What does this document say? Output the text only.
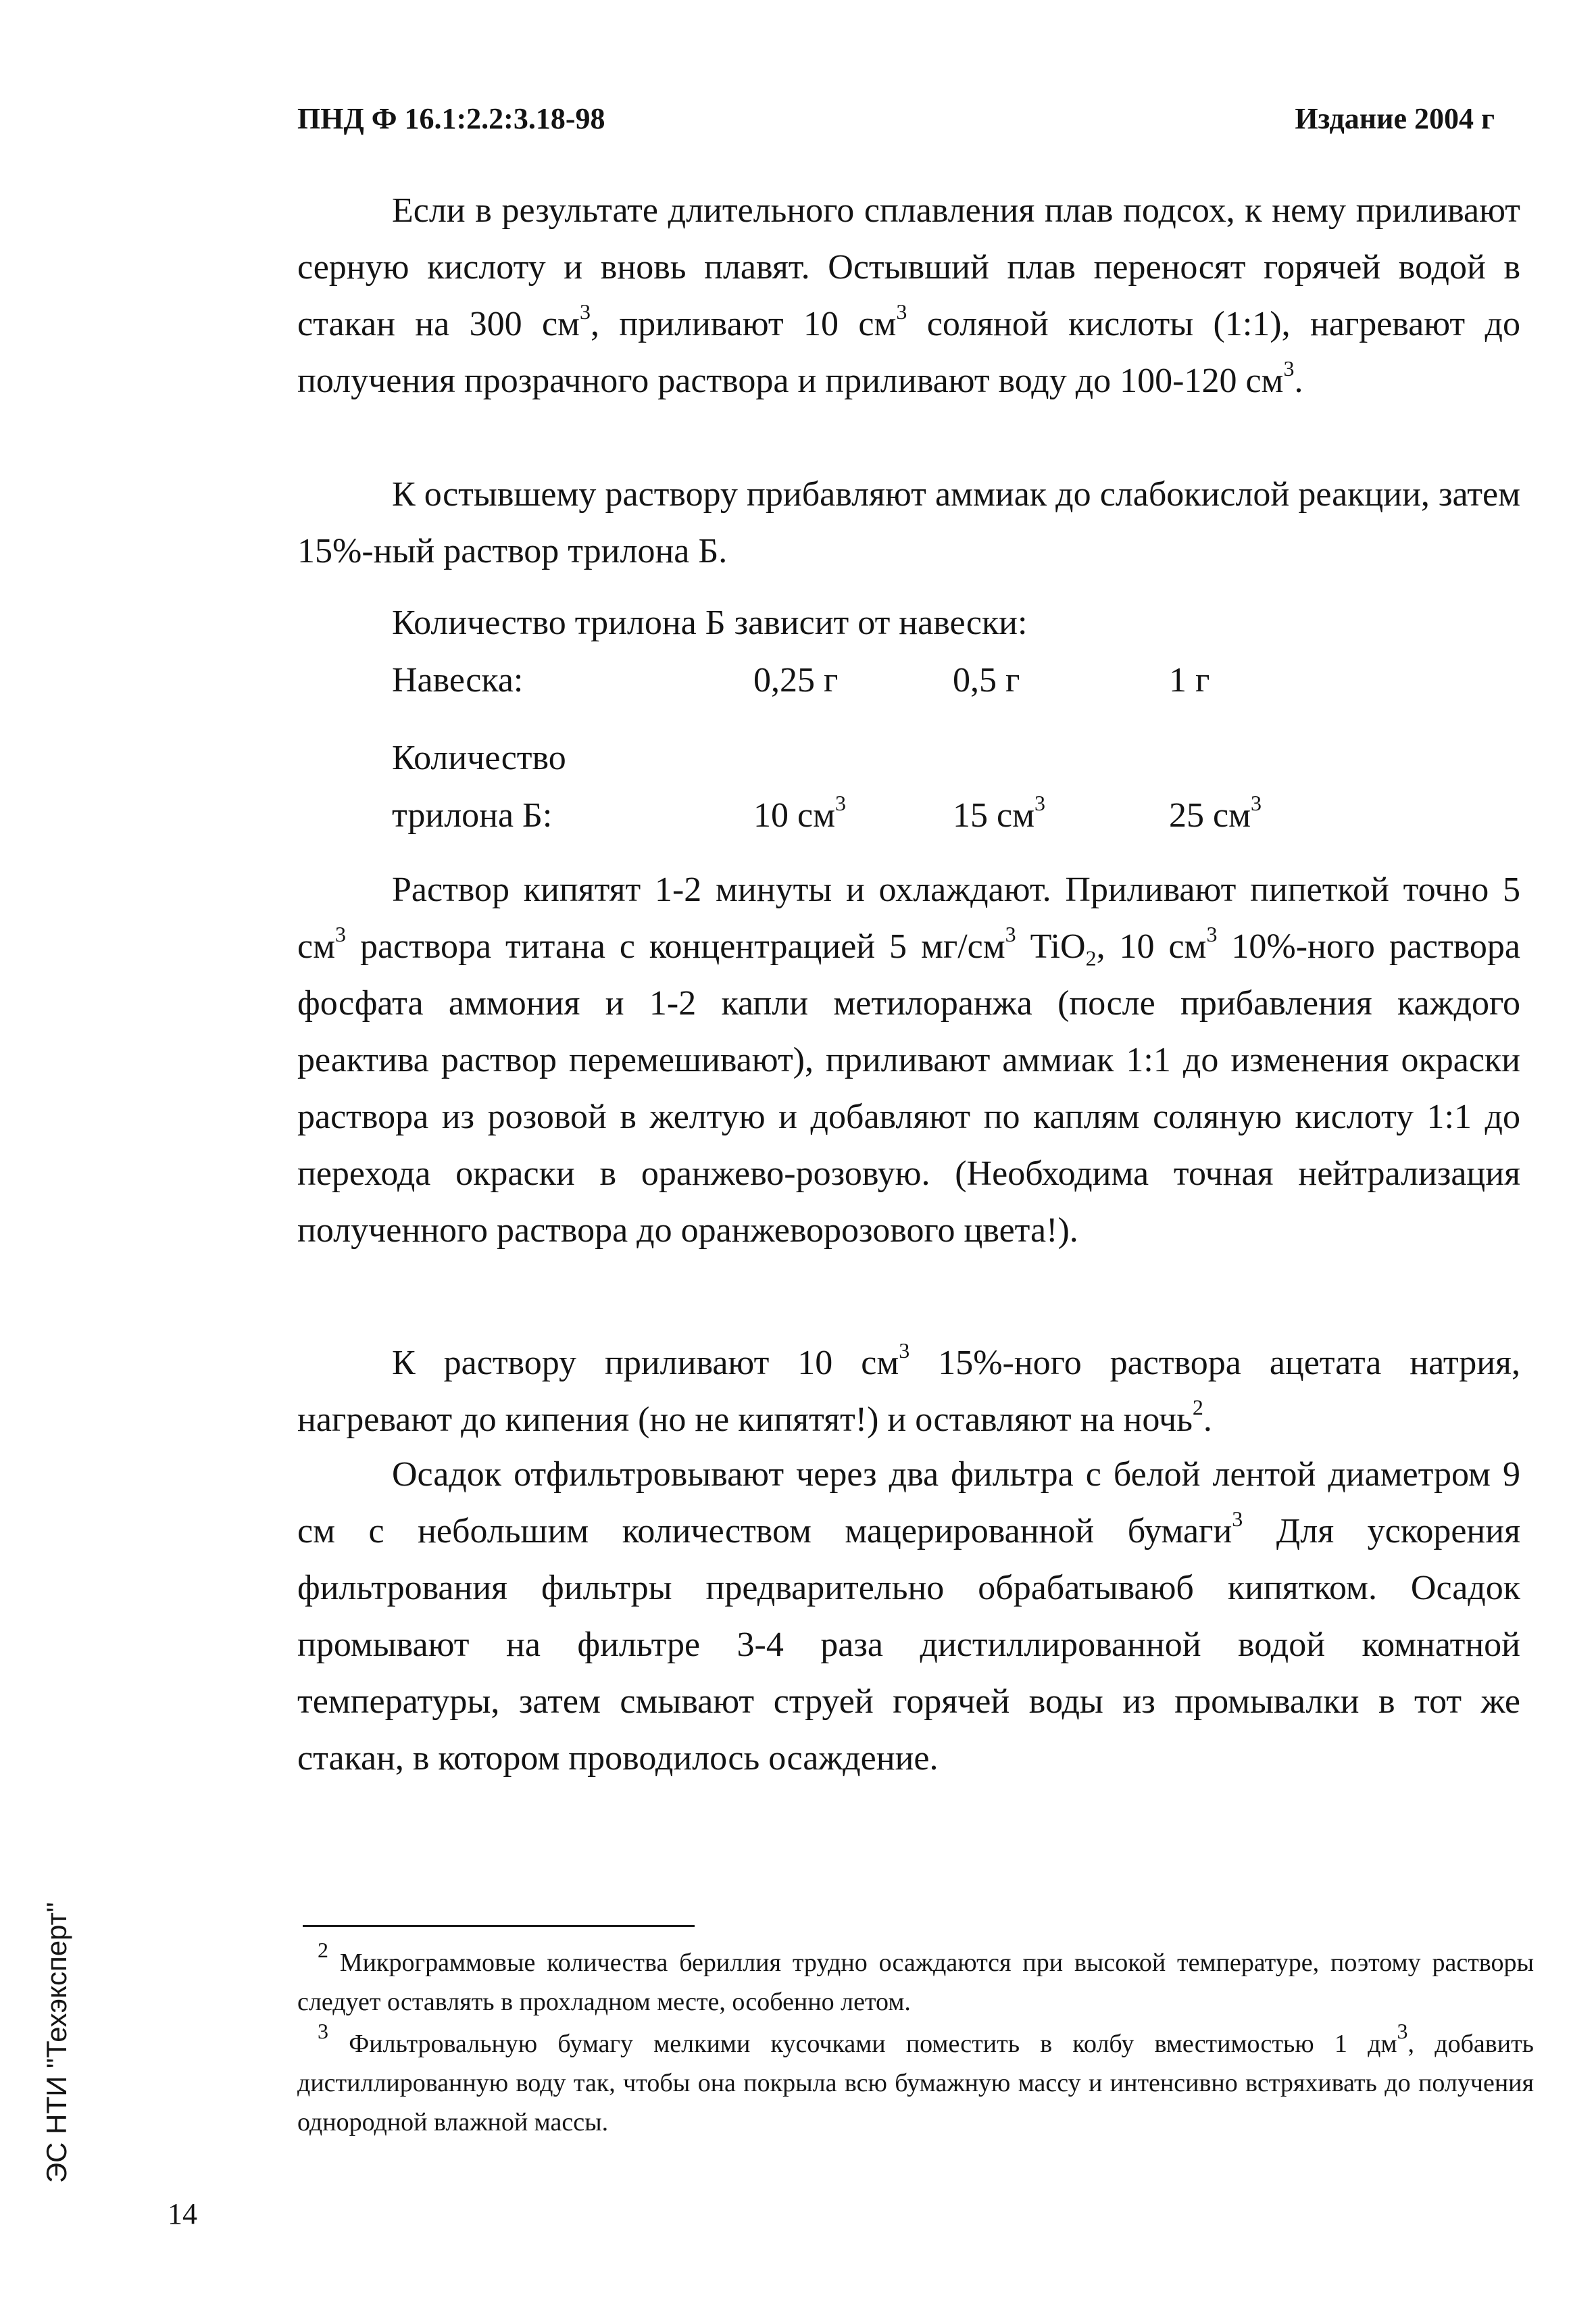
ПНД Ф 16.1:2.2:3.18-98	Издание 2004 г

Если в результате длительного сплавления плав подсох, к нему приливают серную кислоту и вновь плавят. Остывший плав переносят горячей водой в стакан на 300 $см^3$, приливают 10 $см^3$ соляной кислоты (1:1), нагревают до получения прозрачного раствора и приливают воду до 100-120 $см^3$.

К остывшему раствору прибавляют аммиак до слабокислой реакции, затем 15%-ный раствор трилона Б.

Количество трилона Б зависит от навески:
Навеска:	0,25 г	0,5 г	1 г
Количество
трилона Б:	10 $см^3$	15 $см^3$	25 $см^3$

Раствор кипятят 1-2 минуты и охлаждают. Приливают пипеткой точно 5 $см^3$ раствора титана с концентрацией 5 $мг/см^3$ TiO$_2$, 10 $см^3$ 10%-ного раствора фосфата аммония и 1-2 капли метилоранжа (после прибавления каждого реактива раствор перемешивают), приливают аммиак 1:1 до изменения окраски раствора из розовой в желтую и добавляют по каплям соляную кислоту 1:1 до перехода окраски в оранжево-розовую. (Необходима точная нейтрализация полученного раствора до оранжеворозового цвета!).

К раствору приливают 10 $см^3$ 15%-ного раствора ацетата натрия, нагревают до кипения (но не кипятят!) и оставляют на ночь$^2$.

Осадок отфильтровывают через два фильтра с белой лентой диаметром 9 см с небольшим количеством мацерированной бумаги$^3$ Для ускорения фильтрования фильтры предварительно обрабатываюб кипятком. Осадок промывают на фильтре 3-4 раза дистиллированной водой комнатной температуры, затем смывают струей горячей воды из промывалки в тот же стакан, в котором проводилось осаждение.

$^2$ Микрограммовые количества бериллия трудно осаждаются при высокой температуре, поэтому растворы следует оставлять в прохладном месте, особенно летом.

$^3$ Фильтровальную бумагу мелкими кусочками поместить в колбу вместимостью 1 $дм^3$, добавить дистиллированную воду так, чтобы она покрыла всю бумажную массу и интенсивно встряхивать до получения однородной влажной массы.

ЭС НТИ "Техэксперт"
14
